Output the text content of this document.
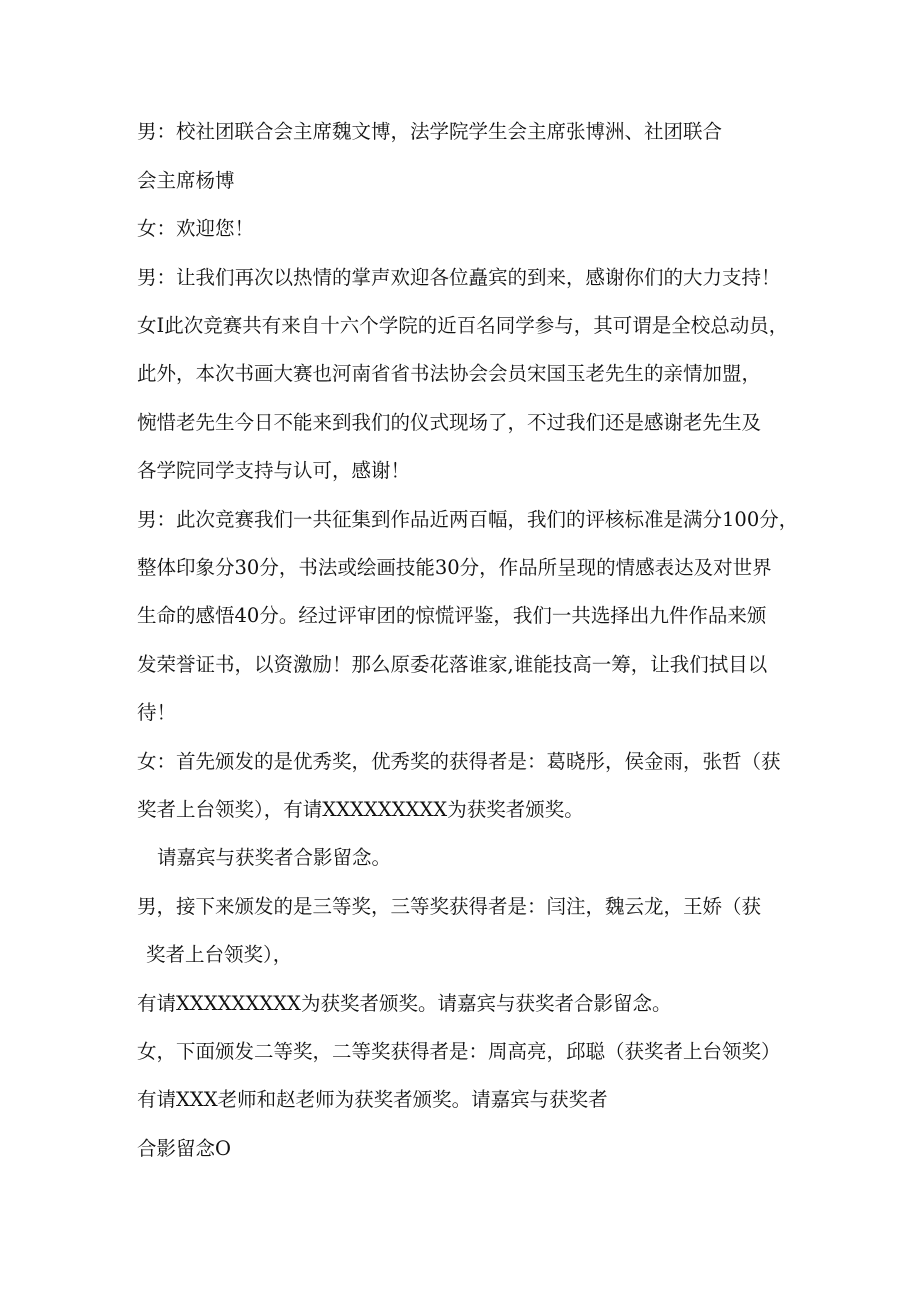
男：校社团联合会主席魏文博，法学院学生会主席张博洲、社团联合
会主席杨博
女：欢迎您！
男：让我们再次以热情的掌声欢迎各位矗宾的到来，感谢你们的大力支持！
女I此次竞赛共有来自十六个学院的近百名同学参与，其可谓是全校总动员，
此外，本次书画大赛也河南省省书法协会会员宋国玉老先生的亲情加盟，
惋惜老先生今日不能来到我们的仪式现场了，不过我们还是感谢老先生及
各学院同学支持与认可，感谢！
男：此次竞赛我们一共征集到作品近两百幅，我们的评核标准是满分100分，
整体印象分30分，书法或绘画技能30分，作品所呈现的情感表达及对世界
生命的感悟40分。经过评审团的惊慌评鉴，我们一共选择出九件作品来颁
发荣誉证书，以资激励！那么原委花落谁家,谁能技高一筹，让我们拭目以
待！
女：首先颁发的是优秀奖，优秀奖的获得者是：葛晓彤，侯金雨，张哲（获
奖者上台领奖），有请XXXXXXXXX为获奖者颁奖。
请嘉宾与获奖者合影留念。
男，接下来颁发的是三等奖，三等奖获得者是：闫注，魏云龙，王娇（获
奖者上台领奖），
有请XXXXXXXXX为获奖者颁奖。请嘉宾与获奖者合影留念。
女，下面颁发二等奖，二等奖获得者是：周高亮，邱聪（获奖者上台领奖）
有请XXX老师和赵老师为获奖者颁奖。请嘉宾与获奖者
合影留念O
